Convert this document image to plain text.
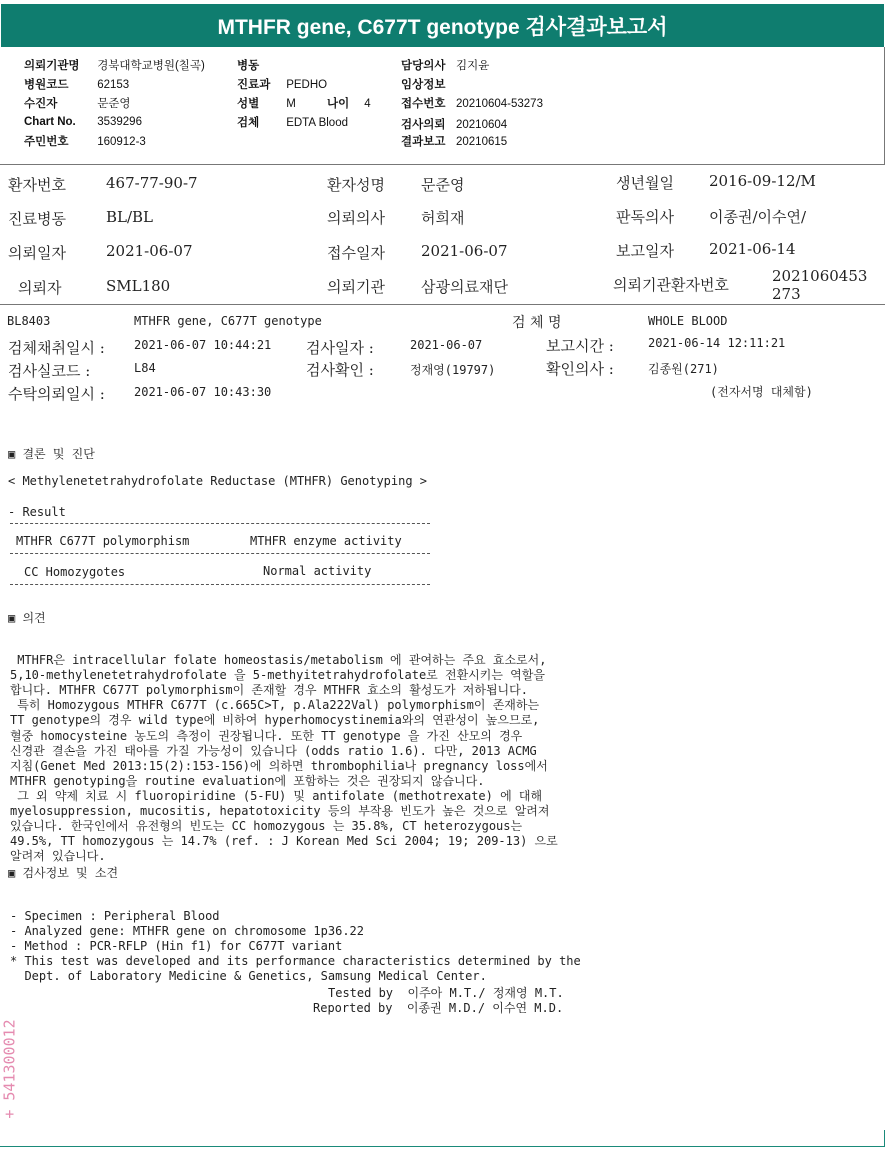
MTHFR gene, C677T genotype 검사결과보고서
의뢰기관명 경북대학교병원(칠곡)
병원코드	62153
수진자	문준영
Chart No. 3539296
주민번호	160912-3
병동
진료과 PEDHO
성별 M	나이 4
검체 EDTA Blood
담당의사 김지윤
임상정보
접수번호 20210604-53273
검사의뢰 20210604
결과보고 20210615
환자번호	467-77-90-7	환자성명 문준영	생년월일 2016-09-12/M
진료병동	BL/BL	의뢰의사 허희재	판독의사 이종권/이수연/
의뢰일자	2021-06-07	접수일자 2021-06-07	보고일자 2021-06-14
의뢰자	SML180	의뢰기관 삼광의료재단	의뢰기관환자번호	2021060453273
BL8403	MTHFR gene, C677T genotype	검 체 명	WHOLE BLOOD
검체채취일시 : 2021-06-07 10:44:21 검사일자 :	2021-06-07	보고시간 :	2021-06-14 12:11:21
검사실코드 :	L84	검사확인 :	정재영(19797)	확인의사 :	김종원(271)
수탁의뢰일시 : 2021-06-07 10:43:30	(전자서명 대체함)
▣ 결론 및 진단
< Methylenetetrahydrofolate Reductase (MTHFR) Genotyping >
- Result
MTHFR C677T polymorphism	MTHFR enzyme activity
CC Homozygotes	Normal activity
▣ 의견

MTHFR은 intracellular folate homeostasis/metabolism 에 관여하는 주요 효소로서,
5,10-methylenetetrahydrofolate 을 5-methyitetrahydrofolate로 전환시키는 역할을
합니다. MTHFR C677T polymorphism이 존재할 경우 MTHFR 효소의 활성도가 저하됩니다.
특히 Homozygous MTHFR C677T (c.665C>T, p.Ala222Val) polymorphism이 존재하는
TT genotype의 경우 wild type에 비하여 hyperhomocystinemia와의 연관성이 높으므로,
혈중 homocysteine 농도의 측정이 권장됩니다. 또한 TT genotype 을 가진 산모의 경우
신경관 결손을 가진 태아를 가질 가능성이 있습니다 (odds ratio 1.6). 다만, 2013 ACMG
지침(Genet Med 2013:15(2):153-156)에 의하면 thrombophilia나 pregnancy loss에서
MTHFR genotyping을 routine evaluation에 포함하는 것은 권장되지 않습니다.
그 외 약제 치료 시 fluoropiridine (5-FU) 및 antifolate (methotrexate) 에 대해
myelosuppression, mucositis, hepatotoxicity 등의 부작용 빈도가 높은 것으로 알려져
있습니다. 한국인에서 유전형의 빈도는 CC homozygous 는 35.8%, CT heterozygous는
49.5%, TT homozygous 는 14.7% (ref. : J Korean Med Sci 2004; 19; 209-13) 으로
알려져 있습니다.

▣ 검사정보 및 소견

- Specimen : Peripheral Blood
- Analyzed gene: MTHFR gene on chromosome 1p36.22
- Method : PCR-RFLP (Hin f1) for C677T variant
* This test was developed and its performance characteristics determined by the
Dept. of Laboratory Medicine & Genetics, Samsung Medical Center.

Tested by  이주아 M.T./ 정재영 M.T.
Reported by  이종권 M.D./ 이수연 M.D.
+ 541300012
